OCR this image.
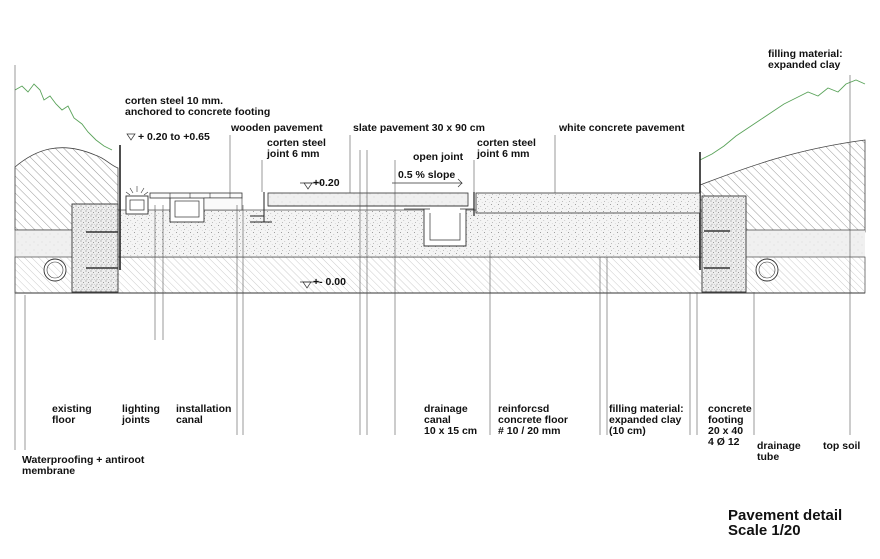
corten steel 10 mm.
anchored to concrete footing
+ 0.20 to +0.65
wooden pavement	slate pavement 30 x 90 cm	white concrete pavement
corten steel
joint 6 mm
corten steel
joint 6 mm
open joint
0.5 % slope
+0.20
+- 0.00
filling material:
expanded clay
existing
floor
lighting
joints
installation
canal
drainage
canal
10 x 15 cm
reinforcsd
concrete floor
# 10 / 20 mm
filling material:
expanded clay
(10 cm)
concrete
footing
20 x 40
4 Ø 12	drainage
tube
top soil
Waterproofing + antiroot
membrane
Pavement detail
Scale 1/20
